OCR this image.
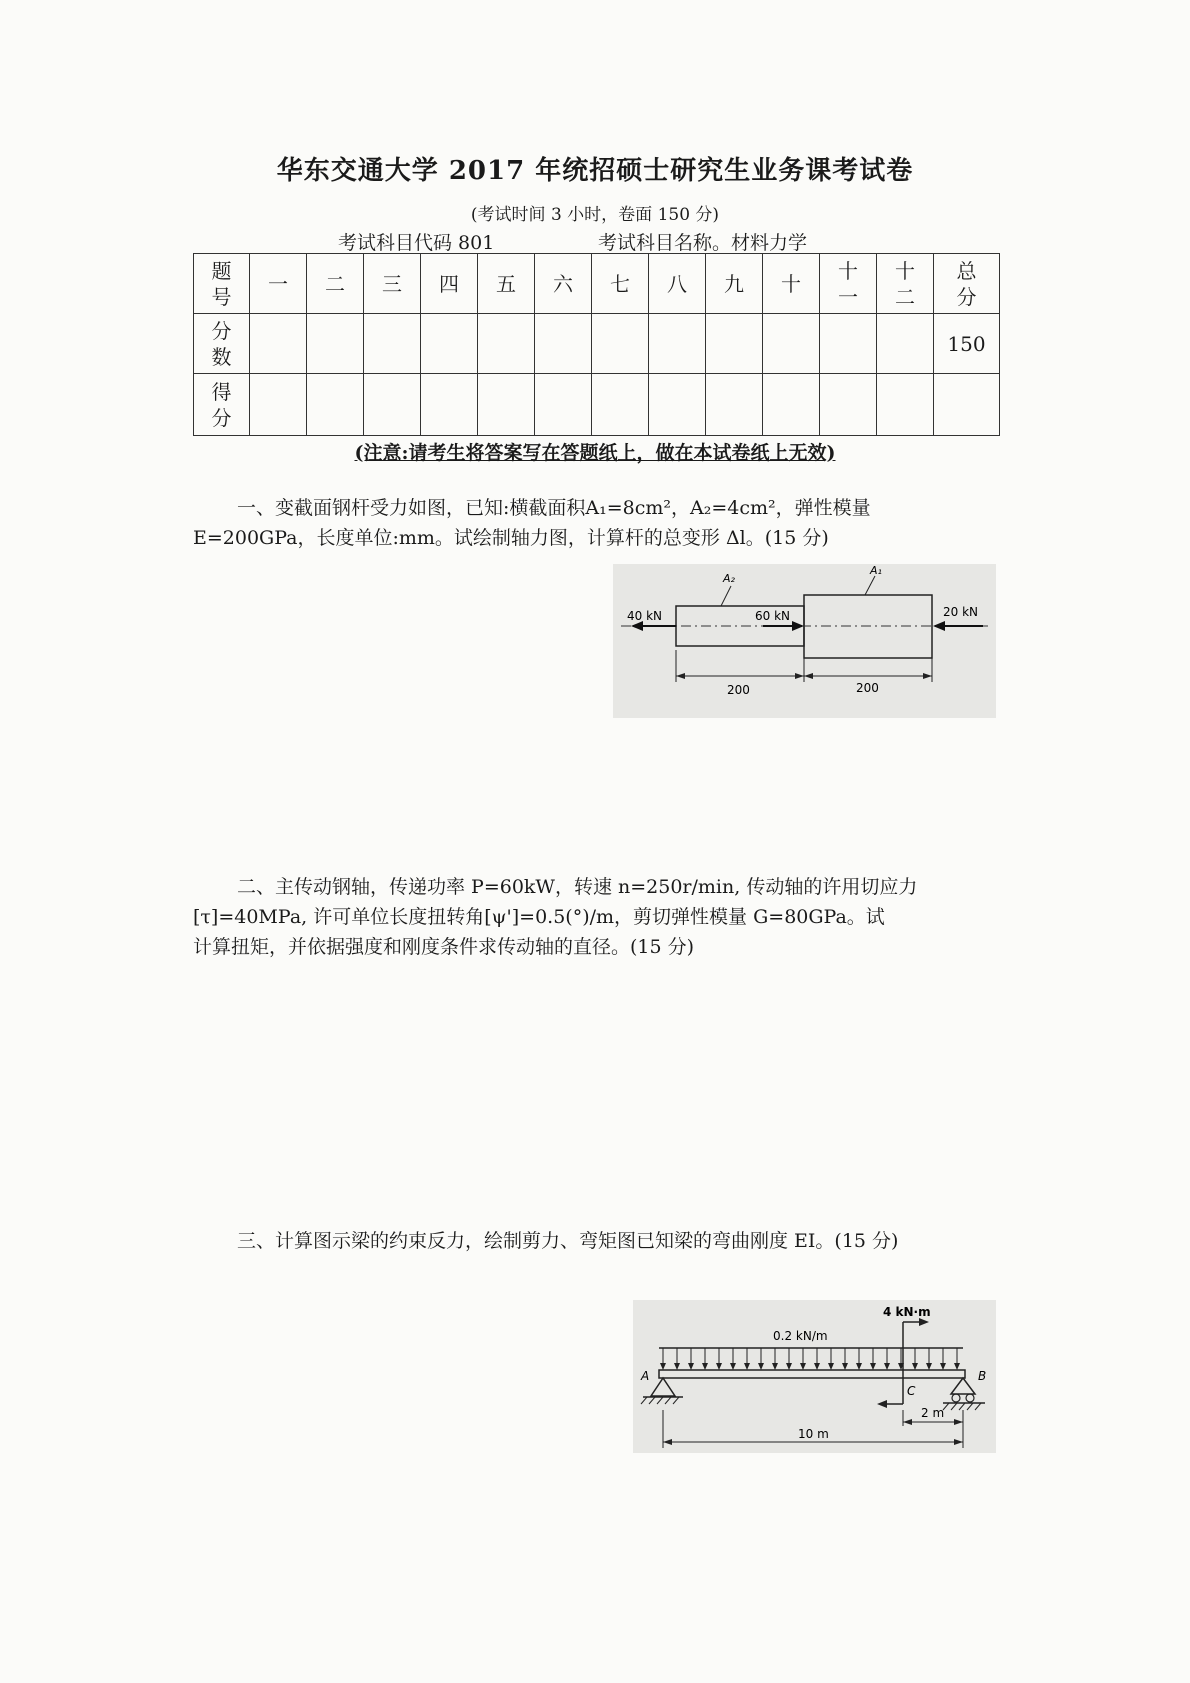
华东交通大学 2017 年统招硕士研究生业务课考试卷
(考试时间 3 小时，卷面 150 分)
考试科目代码 801	考试科目名称。材料力学
题号	一	二	三	四	五	六	七	八	九	十	十一	十二	总分
分数													150
得分													
(注意:请考生将答案写在答题纸上，做在本试卷纸上无效)

一、变截面钢杆受力如图，已知:横截面积A₁=8cm²，A₂=4cm²，弹性模量

E=200GPa，长度单位:mm。试绘制轴力图，计算杆的总变形 Δl。(15 分)

A₂
A₁
40 kN	60 kN	20 kN
200	200

二、主传动钢轴，传递功率 P=60kW，转速 n=250r/min, 传动轴的许用切应力

[τ]=40MPa, 许可单位长度扭转角[ψ']=0.5(°)/m，剪切弹性模量 G=80GPa。试

计算扭矩，并依据强度和刚度条件求传动轴的直径。(15 分)

三、计算图示梁的约束反力，绘制剪力、弯矩图已知梁的弯曲刚度 EI。(15 分)

4 kN·m
0.2 kN/m
A	B
C
2 m
10 m
